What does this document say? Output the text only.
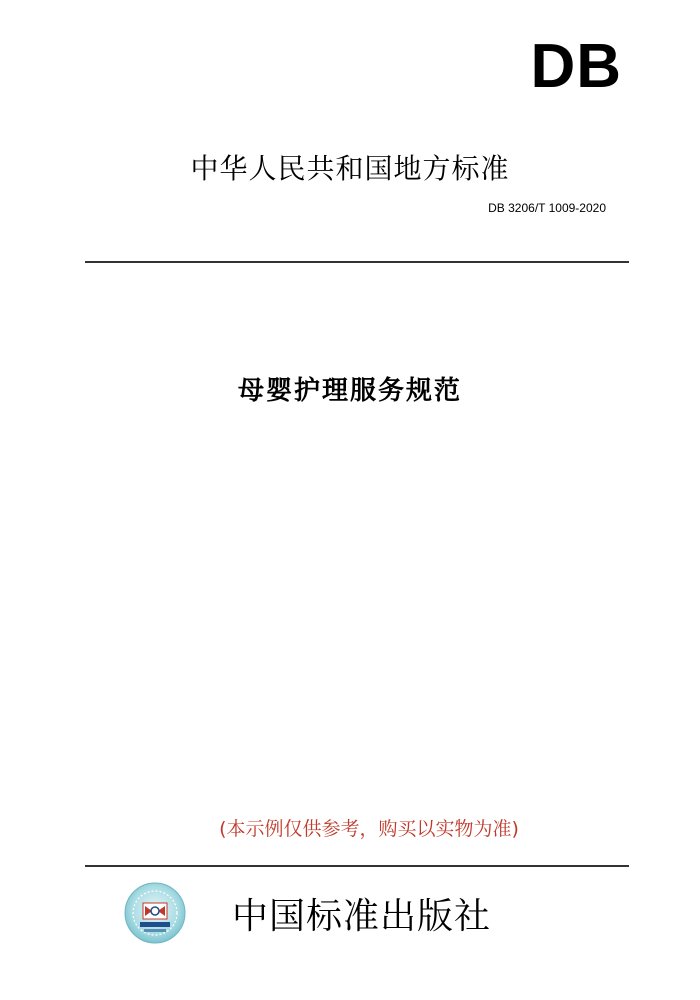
DB
中华人民共和国地方标准
DB 3206/T 1009-2020
母婴护理服务规范
(本示例仅供参考，购买以实物为准)
中国标准出版社
